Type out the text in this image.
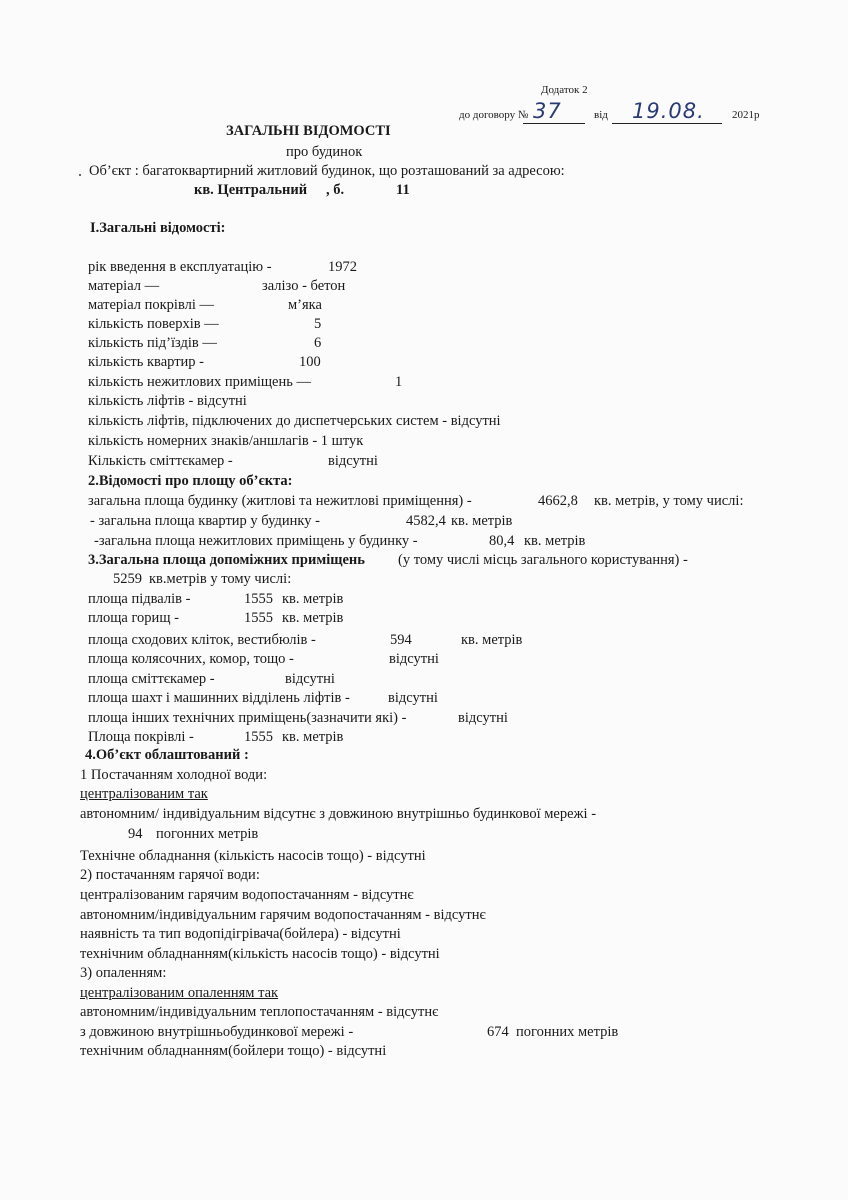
Додаток 2
до договору № 37	від 19.08. 2021р
ЗАГАЛЬНІ ВІДОМОСТІ
про будинок
Об’єкт : багатоквартирний житловий будинок, що розташований за адресою:
кв. Центральний , б.	11
I.Загальні відомості:
рік введення в експлуатацію -	1972
матеріал —	залізо - бетон
матеріал покрівлі —	м’яка
кількість поверхів —	5
кількість під’їздів —	6
кількість квартир -	100
кількість нежитлових приміщень —	1
кількість ліфтів - відсутні
кількість ліфтів, підключених до диспетчерських систем - відсутні
кількість номерних знаків/аншлагів - 1 штук
Кількість сміттєкамер -	відсутні
2.Відомості про площу об’єкта:
загальна площа будинку (житлові та нежитлові приміщення) -	4662,8 кв. метрів, у тому числі:
- загальна площа квартир у будинку -	4582,4 кв. метрів
-загальна площа нежитлових приміщень у будинку -	80,4 кв. метрів
3.Загальна площа допоміжних приміщень (у тому числі місць загального користування) -
5259 кв.метрів у тому числі:
площа підвалів -	1555 кв. метрів
площа горищ -	1555 кв. метрів
площа сходових кліток, вестибюлів -	594	кв. метрів
площа колясочних, комор, тощо -	відсутні
площа сміттєкамер -	відсутні
площа шахт і машинних відділень ліфтів -	відсутні
площа інших технічних приміщень(зазначити які) -	відсутні
Площа покрівлі -	1555 кв. метрів
4.Об’єкт облаштований :
1 Постачанням холодної води:
централізованим так
автономним/ індивідуальним відсутнє з довжиною внутрішньо будинкової мережі -
94 погонних метрів
Технічне обладнання (кількість насосів тощо) - відсутні
2) постачанням гарячої води:
централізованим гарячим водопостачанням - відсутнє
автономним/індивідуальним гарячим водопостачанням - відсутнє
наявність та тип водопідігрівача(бойлера) - відсутні
технічним обладнанням(кількість насосів тощо) - відсутні
3) опаленням:
централізованим опаленням так
автономним/індивідуальним теплопостачанням - відсутнє
з довжиною внутрішньобудинкової мережі -	674 погонних метрів
технічним обладнанням(бойлери тощо) - відсутні
